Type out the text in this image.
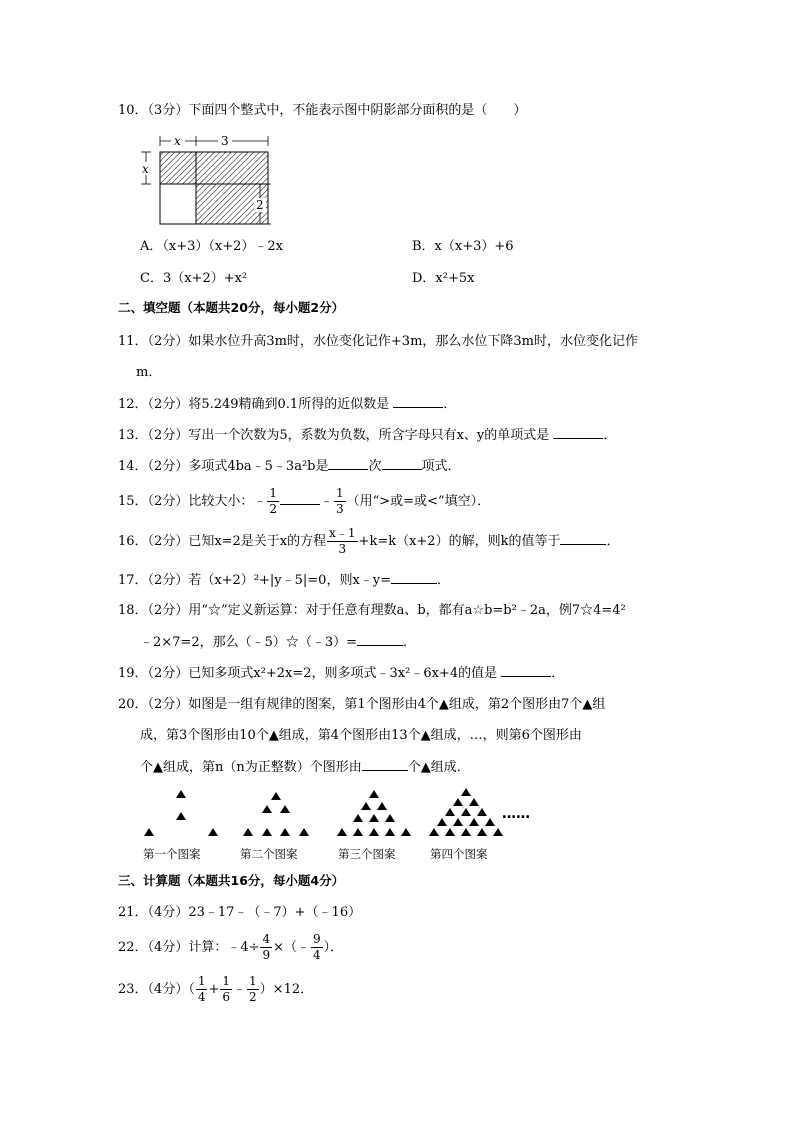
10．（3分）下面四个整式中，不能表示图中阴影部分面积的是（　　）
x	3
x
2
A．（x+3）（x+2）﹣2x	B．x（x+3）+6
C．3（x+2）+x²	D．x²+5x
二、填空题（本题共20分，每小题2分）
11．（2分）如果水位升高3m时，水位变化记作+3m，那么水位下降3m时，水位变化记作
m．
12．（2分）将5.249精确到0.1所得的近似数是	．
13．（2分）写出一个次数为5，系数为负数，所含字母只有x、y的单项式是	．
14．（2分）多项式4ba﹣5﹣3a²b是	次	项式．
15．（2分）比较大小：﹣ $\frac{1}{2}$	﹣ $\frac{1}{3}$ （用“>或=或<”填空）．
16．（2分）已知x=2是关于x的方程 $\frac{x﹣1}{3} +k=k(x+2)$的解，则k的值等于	．
17．（2分）若（x+2）²+|y﹣5|=0，则x﹣y=	．
18．（2分）用“☆”定义新运算：对于任意有理数a、b，都有a☆b=b²﹣2a，例7☆4=4²
﹣2×7=2，那么（﹣5）☆（﹣3）=	．
19．（2分）已知多项式x²+2x=2，则多项式﹣3x²﹣6x+4的值是	．
20．（2分）如图是一组有规律的图案，第1个图形由4个▲组成，第2个图形由7个▲组
成，第3个图形由10个▲组成，第4个图形由13个▲组成，…，则第6个图形由
个▲组成，第n（n为正整数）个图形由	个▲组成．
……
第一个图案	第二个图案	第三个图案	第四个图案
三、计算题（本题共16分，每小题4分）
21．（4分）23﹣17﹣（﹣7）+（﹣16）
22．（4分）计算：﹣4÷ $\frac{4}{9}$ ×（﹣ $\frac{9}{4}$ ）．
23．（4分）（ $\frac{1}{4} + \frac{1}{6}$ ﹣ $\frac{1}{2} )\times 12$．
